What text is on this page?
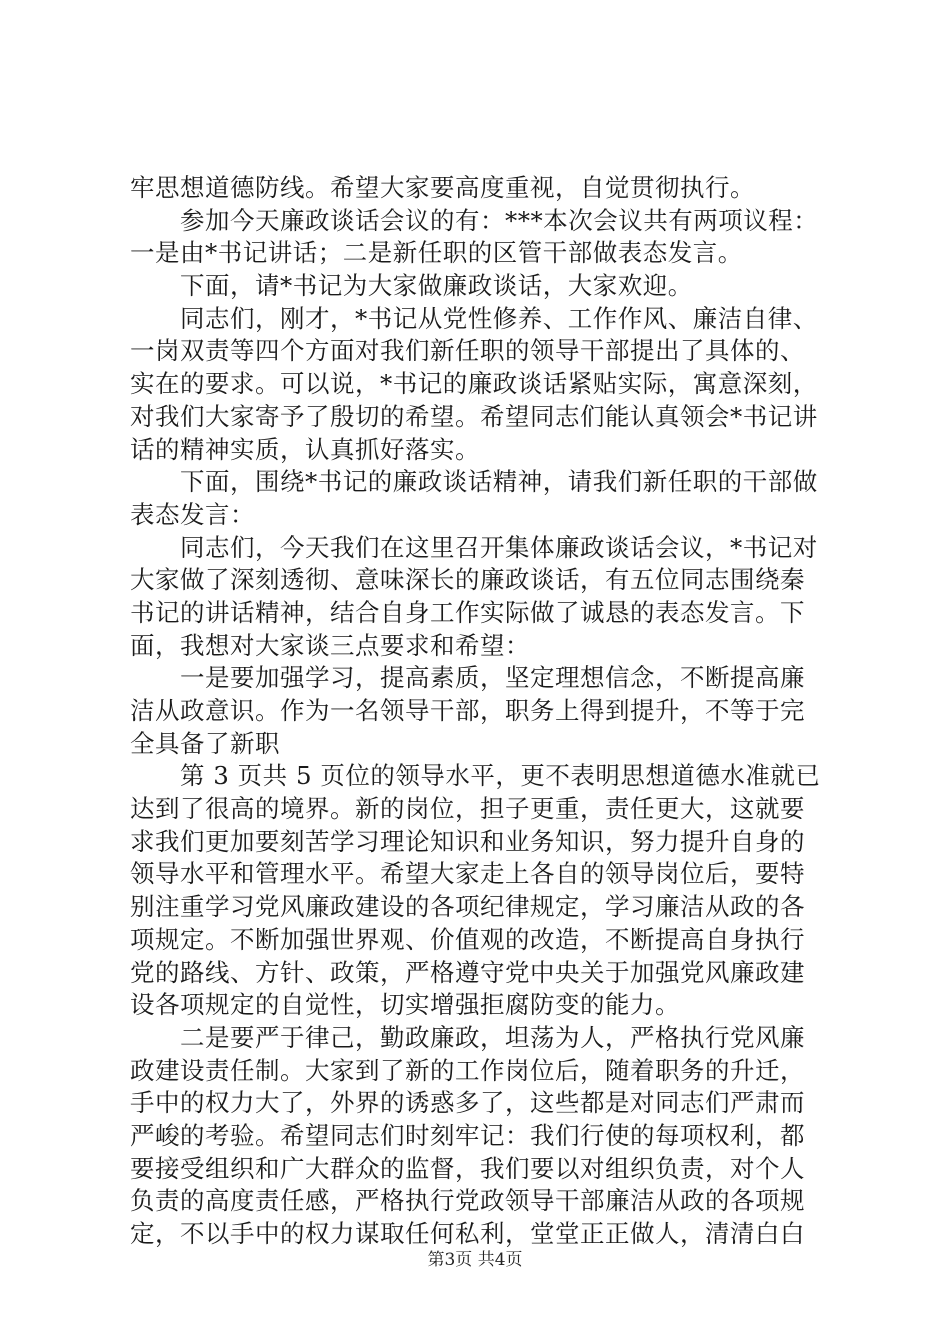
牢思想道德防线。希望大家要高度重视，自觉贯彻执行。
参加今天廉政谈话会议的有：***本次会议共有两项议程：
一是由*书记讲话；二是新任职的区管干部做表态发言。
下面，请*书记为大家做廉政谈话，大家欢迎。
同志们，刚才，*书记从党性修养、工作作风、廉洁自律、
一岗双责等四个方面对我们新任职的领导干部提出了具体的、
实在的要求。可以说，*书记的廉政谈话紧贴实际，寓意深刻，
对我们大家寄予了殷切的希望。希望同志们能认真领会*书记讲
话的精神实质，认真抓好落实。
下面，围绕*书记的廉政谈话精神，请我们新任职的干部做
表态发言：
同志们，今天我们在这里召开集体廉政谈话会议，*书记对
大家做了深刻透彻、意味深长的廉政谈话，有五位同志围绕秦
书记的讲话精神，结合自身工作实际做了诚恳的表态发言。下
面，我想对大家谈三点要求和希望：
一是要加强学习，提高素质，坚定理想信念，不断提高廉
洁从政意识。作为一名领导干部，职务上得到提升，不等于完
全具备了新职
第 3 页共 5 页位的领导水平，更不表明思想道德水准就已
达到了很高的境界。新的岗位，担子更重，责任更大，这就要
求我们更加要刻苦学习理论知识和业务知识，努力提升自身的
领导水平和管理水平。希望大家走上各自的领导岗位后，要特
别注重学习党风廉政建设的各项纪律规定，学习廉洁从政的各
项规定。不断加强世界观、价值观的改造，不断提高自身执行
党的路线、方针、政策，严格遵守党中央关于加强党风廉政建
设各项规定的自觉性，切实增强拒腐防变的能力。
二是要严于律己，勤政廉政，坦荡为人，严格执行党风廉
政建设责任制。大家到了新的工作岗位后，随着职务的升迁，
手中的权力大了，外界的诱惑多了，这些都是对同志们严肃而
严峻的考验。希望同志们时刻牢记：我们行使的每项权利，都
要接受组织和广大群众的监督，我们要以对组织负责，对个人
负责的高度责任感，严格执行党政领导干部廉洁从政的各项规
定，不以手中的权力谋取任何私利，堂堂正正做人，清清白白
第3页 共4页
